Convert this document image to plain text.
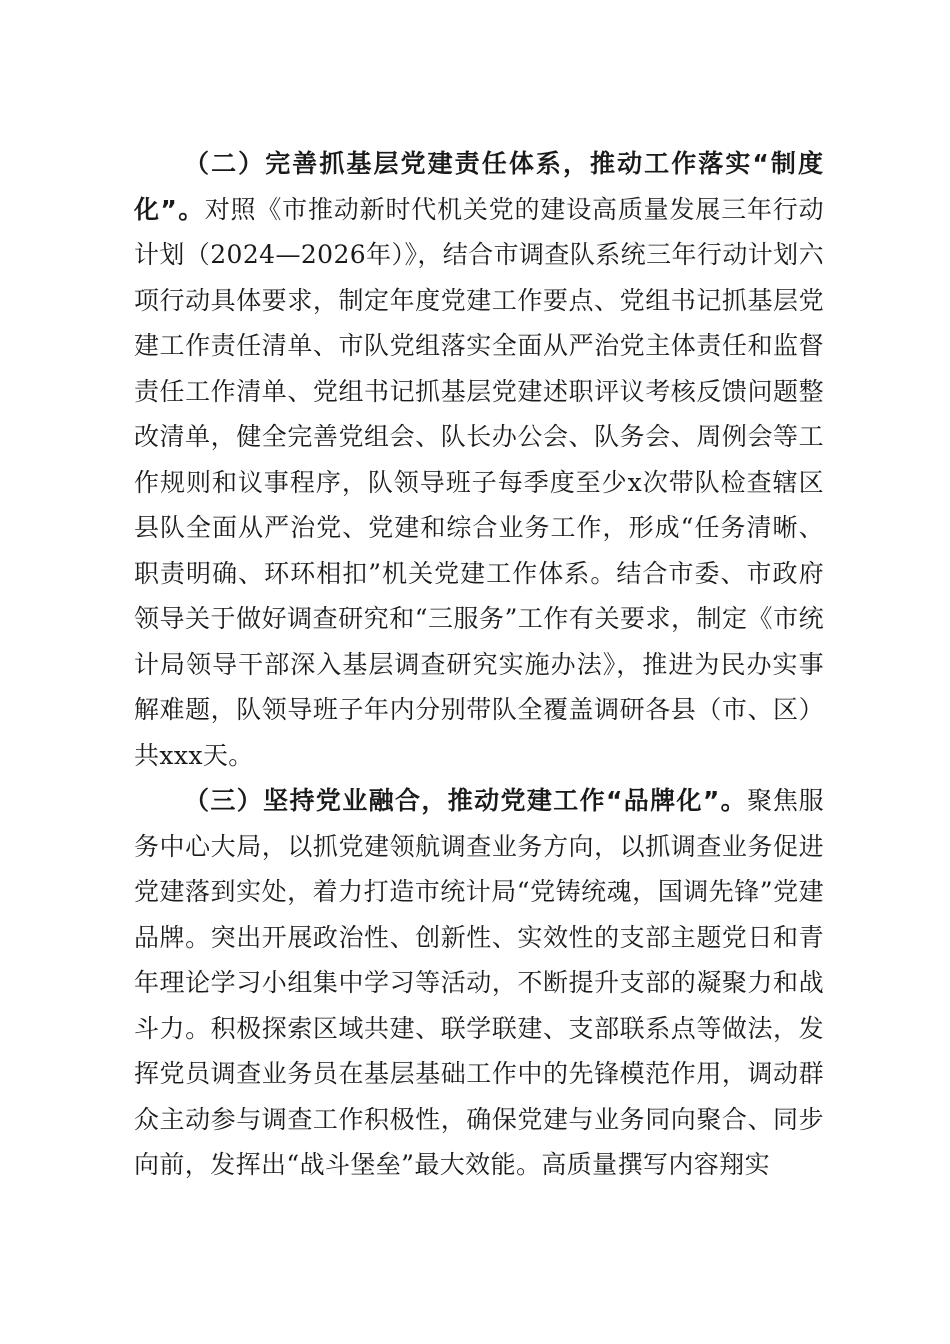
（二）完善抓基层党建责任体系，推动工作落实“制度化”。对照《市推动新时代机关党的建设高质量发展三年行动计划（2024—2026年）》，结合市调查队系统三年行动计划六项行动具体要求，制定年度党建工作要点、党组书记抓基层党建工作责任清单、市队党组落实全面从严治党主体责任和监督责任工作清单、党组书记抓基层党建述职评议考核反馈问题整改清单，健全完善党组会、队长办公会、队务会、周例会等工作规则和议事程序，队领导班子每季度至少x次带队检查辖区县队全面从严治党、党建和综合业务工作，形成“任务清晰、职责明确、环环相扣”机关党建工作体系。结合市委、市政府领导关于做好调查研究和“三服务”工作有关要求，制定《市统计局领导干部深入基层调查研究实施办法》，推进为民办实事解难题，队领导班子年内分别带队全覆盖调研各县（市、区）共xxx天。

（三）坚持党业融合，推动党建工作“品牌化”。聚焦服务中心大局，以抓党建领航调查业务方向，以抓调查业务促进党建落到实处，着力打造市统计局“党铸统魂，国调先锋”党建品牌。突出开展政治性、创新性、实效性的支部主题党日和青年理论学习小组集中学习等活动，不断提升支部的凝聚力和战斗力。积极探索区域共建、联学联建、支部联系点等做法，发挥党员调查业务员在基层基础工作中的先锋模范作用，调动群众主动参与调查工作积极性，确保党建与业务同向聚合、同步向前，发挥出“战斗堡垒”最大效能。高质量撰写内容翔实
